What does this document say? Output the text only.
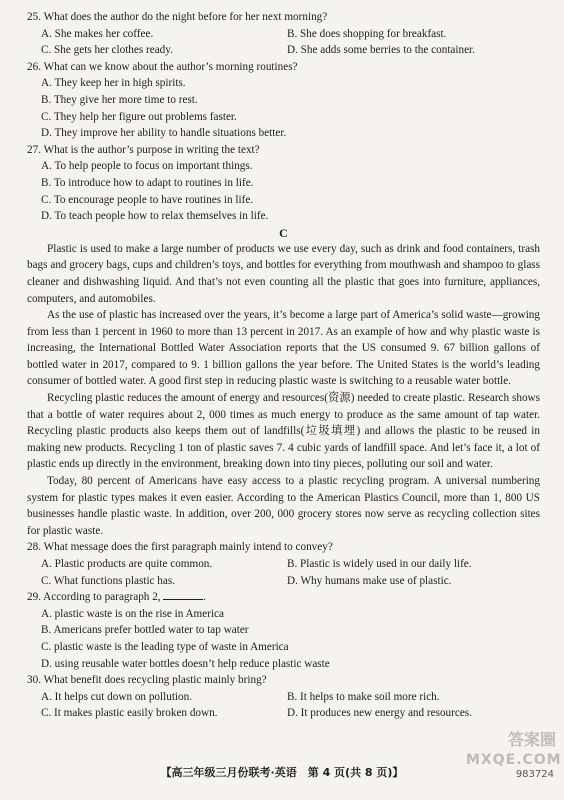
25. What does the author do the night before for her next morning?

A. She makes her coffee.	B. She does shopping for breakfast.
C. She gets her clothes ready.	D. She adds some berries to the container.

26. What can we know about the author’s morning routines?

A. They keep her in high spirits.
B. They give her more time to rest.
C. They help her figure out problems faster.
D. They improve her ability to handle situations better.

27. What is the author’s purpose in writing the text?

A. To help people to focus on important things.
B. To introduce how to adapt to routines in life.
C. To encourage people to have routines in life.
D. To teach people how to relax themselves in life.

C

Plastic is used to make a large number of products we use every day, such as drink and food containers, trash bags and grocery bags, cups and children’s toys, and bottles for everything from mouthwash and shampoo to glass cleaner and dishwashing liquid. And that’s not even counting all the plastic that goes into furniture, appliances, computers, and automobiles.

As the use of plastic has increased over the years, it’s become a large part of America’s solid waste—growing from less than 1 percent in 1960 to more than 13 percent in 2017. As an example of how and why plastic waste is increasing, the International Bottled Water Association reports that the US consumed 9. 67 billion gallons of bottled water in 2017, compared to 9. 1 billion gallons the year before. The United States is the world’s leading consumer of bottled water. A good first step in reducing plastic waste is switching to a reusable water bottle.

Recycling plastic reduces the amount of energy and resources(资源) needed to create plastic. Research shows that a bottle of water requires about 2, 000 times as much energy to produce as the same amount of tap water. Recycling plastic products also keeps them out of landfills(垃圾填埋) and allows the plastic to be reused in making new products. Recycling 1 ton of plastic saves 7. 4 cubic yards of landfill space. And let’s face it, a lot of plastic ends up directly in the environment, breaking down into tiny pieces, polluting our soil and water.

Today, 80 percent of Americans have easy access to a plastic recycling program. A universal numbering system for plastic types makes it even easier. According to the American Plastics Council, more than 1, 800 US businesses handle plastic waste. In addition, over 200, 000 grocery stores now serve as recycling collection sites for plastic waste.

28. What message does the first paragraph mainly intend to convey?

A. Plastic products are quite common.	B. Plastic is widely used in our daily life.
C. What functions plastic has.	D. Why humans make use of plastic.

29. According to paragraph 2,	.

A. plastic waste is on the rise in America
B. Americans prefer bottled water to tap water
C. plastic waste is the leading type of waste in America
D. using reusable water bottles doesn’t help reduce plastic waste

30. What benefit does recycling plastic mainly bring?

A. It helps cut down on pollution.	B. It helps to make soil more rich.
C. It makes plastic easily broken down.	D. It produces new energy and resources.
答案圈
MXQE.COM
【高三年级三月份联考·英语　第 4 页(共 8 页)】	983724
